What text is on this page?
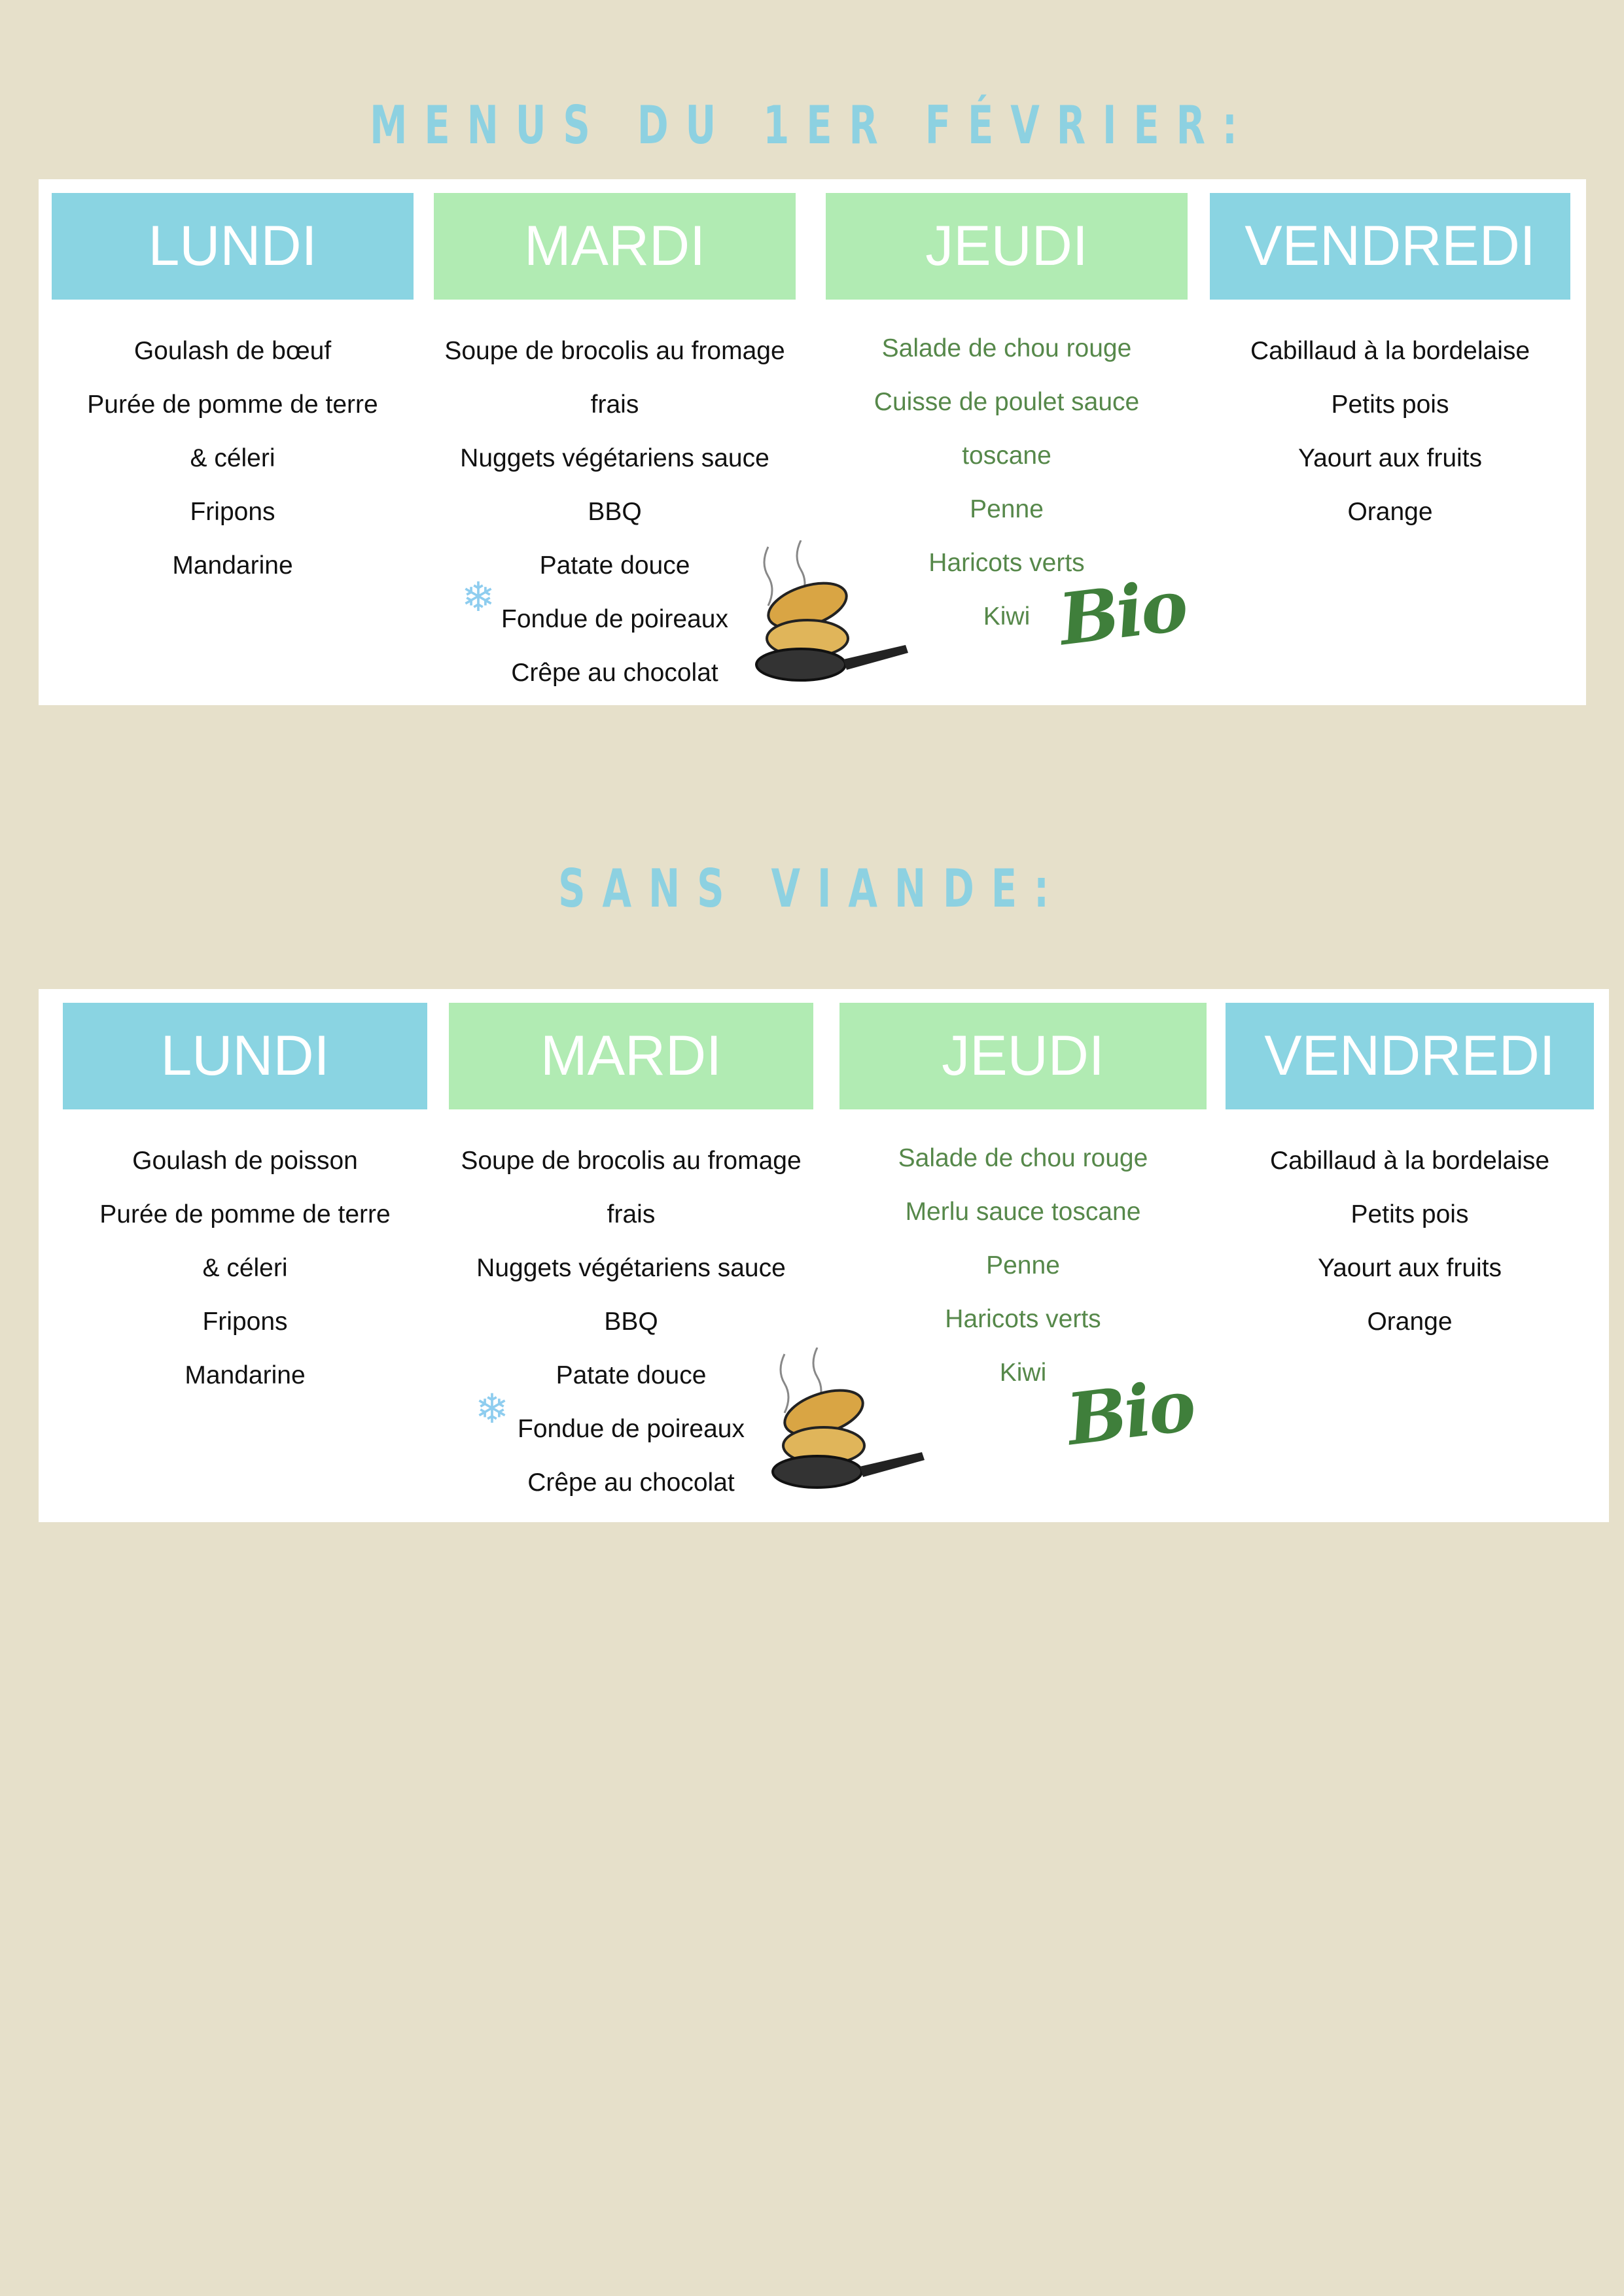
MENUS DU 1ER FÉVRIER:
LUNDI
Goulash de bœuf
Purée de pomme de terre
& céleri
Fripons
Mandarine
MARDI
Soupe de brocolis au fromage
frais
Nuggets végétariens sauce BBQ
Patate douce
Fondue de poireaux
Crêpe au chocolat
JEUDI
Salade de chou rouge
Cuisse de poulet sauce
toscane
Penne
Haricots verts
Kiwi
VENDREDI
Cabillaud à la bordelaise
Petits pois
Yaourt aux fruits
Orange
❄	Bio
SANS VIANDE:
LUNDI
Goulash de poisson
Purée de pomme de terre
& céleri
Fripons
Mandarine
MARDI
Soupe de brocolis au fromage
frais
Nuggets végétariens sauce BBQ
Patate douce
Fondue de poireaux
Crêpe au chocolat
JEUDI
Salade de chou rouge
Merlu sauce toscane
Penne
Haricots verts
Kiwi
VENDREDI
Cabillaud à la bordelaise
Petits pois
Yaourt aux fruits
Orange
❄	Bio
